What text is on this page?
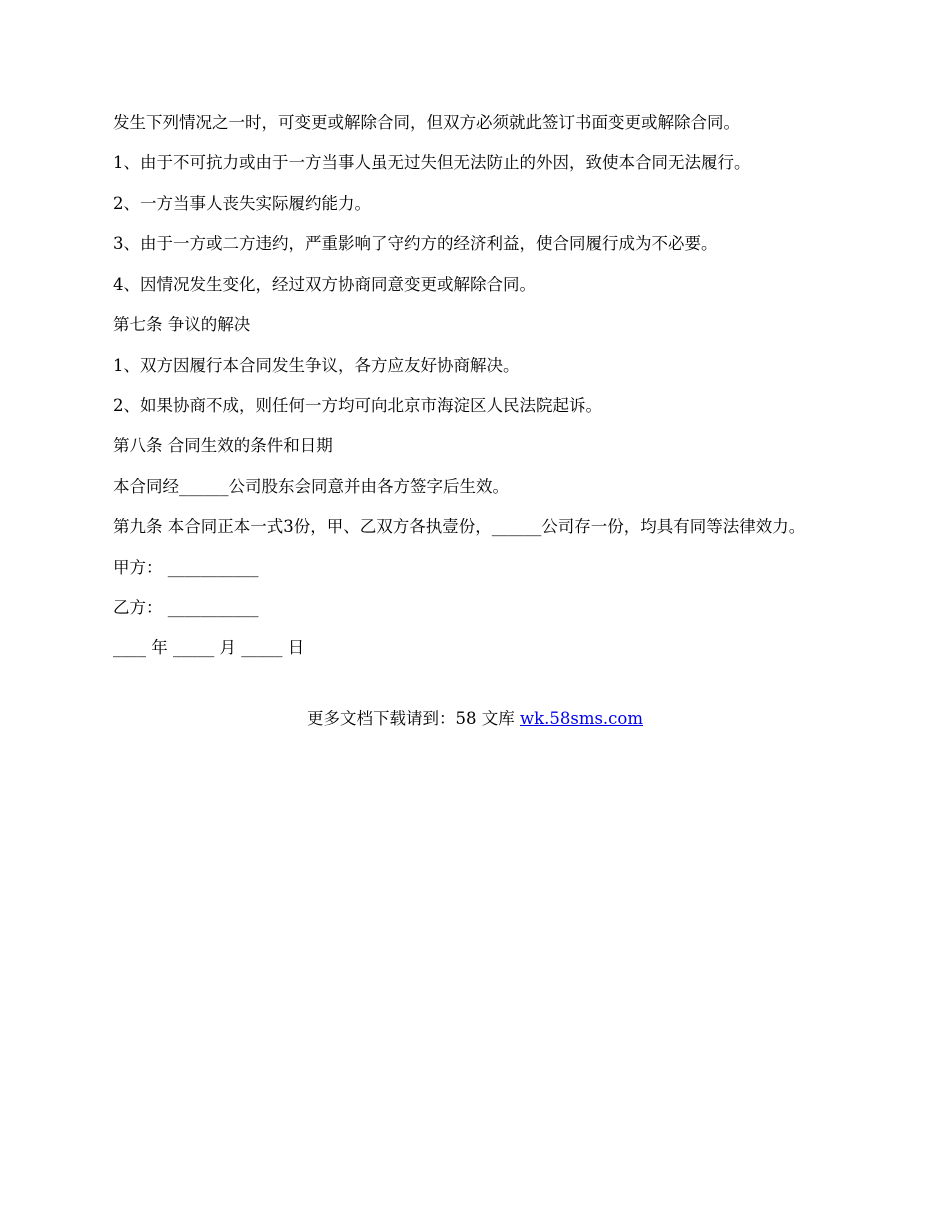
发生下列情况之一时，可变更或解除合同，但双方必须就此签订书面变更或解除合同。

1、由于不可抗力或由于一方当事人虽无过失但无法防止的外因，致使本合同无法履行。

2、一方当事人丧失实际履约能力。

3、由于一方或二方违约，严重影响了守约方的经济利益，使合同履行成为不必要。

4、因情况发生变化，经过双方协商同意变更或解除合同。

第七条 争议的解决

1、双方因履行本合同发生争议，各方应友好协商解决。

2、如果协商不成，则任何一方均可向北京市海淀区人民法院起诉。

第八条 合同生效的条件和日期

本合同经______公司股东会同意并由各方签字后生效。

第九条 本合同正本一式3份，甲、乙双方各执壹份，______公司存一份，均具有同等法律效力。

甲方： ___________

乙方： ___________

____ 年 _____ 月 _____ 日

更多文档下载请到：58 文库 wk.58sms.com
